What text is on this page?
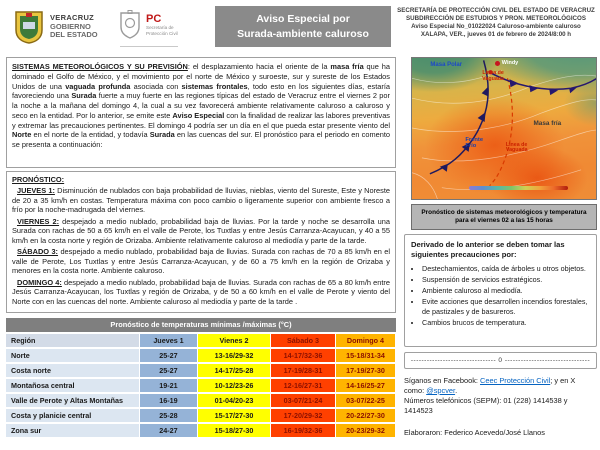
VERACRUZ
GOBIERNO
DEL ESTADO
PC
Secretaría de
Protección Civil
Aviso Especial por
Surada-ambiente caluroso
SECRETARÍA DE PROTECCIÓN CIVIL DEL ESTADO DE VERACRUZ
SUBDIRECCIÓN DE ESTUDIOS Y PRON. METEOROLÓGICOS
Aviso Especial No_01022024 Caluroso-ambiente caluroso
XALAPA, VER., jueves 01 de febrero de 2024/8:00 h
SISTEMAS METEOROLÓGICOS Y SU PREVISIÓN: el desplazamiento hacia el oriente de la masa fría que ha dominado el Golfo de México, y el movimiento por el norte de México y suroeste, sur y sureste de los Estados Unidos de una vaguada profunda asociada con sistemas frontales, todo esto en los siguientes días, estaría favoreciendo una Surada fuerte a muy fuerte en las regiones típicas del estado de Veracruz entre el viernes 2 por la noche a la mañana del domingo 4, la cual a su vez favorecerá ambiente relativamente caluroso a caluroso y seco en la entidad. Por lo anterior, se emite este Aviso Especial con la finalidad de realizar las labores preventivas y extremar las precauciones pertinentes. El domingo 4 podría ser un día en el que pueda estar presente viento del Norte en el norte de la entidad, y todavía Surada en las cuencas del sur. El pronóstico para el periodo en comento se presenta a continuación:
PRONÓSTICO:

JUEVES 1: Disminución de nublados con baja probabilidad de lluvias, nieblas, viento del Sureste, Este y Noreste de 20 a 35 km/h en costas. Temperatura máxima con poco cambio o ligeramente superior con ambiente fresco a frío por la noche-madrugada del viernes.

VIERNES 2: despejado a medio nublado, probabilidad baja de lluvias. Por la tarde y noche se desarrolla una Surada con rachas de 50 a 65 km/h en el valle de Perote, los Tuxtlas y entre Jesús Carranza-Acayucan, y 40 a 55 km/h en la costa norte y región de Orizaba. Ambiente relativamente caluroso al mediodía y parte de la tarde.

SÁBADO 3: despejado a medio nublado, probabilidad baja de lluvias. Surada con rachas de 70 a 85 km/h en el valle de Perote, Los Tuxtlas y entre Jesús Carranza-Acayucan, y de 60 a 75 km/h en la región de Orizaba y menores en la costa norte. Ambiente caluroso.

DOMINGO 4: despejado a medio nublado, probabilidad baja de lluvias. Surada con rachas de 65 a 80 km/h entre Jesús Carranza-Acayucan, los Tuxtlas y región de Orizaba, y de 50 a 60 km/h en el valle de Perote y viento del Norte con en las cuencas del norte. Ambiente caluroso al mediodía y parte de la tarde .

Pronóstico de temperaturas mínimas /máximas (°C)
Región	Jueves 1	Vienes 2	Sábado 3	Domingo 4
Norte	25-27	13-16/29-32	14-17/32-36	15-18/31-34
Costa norte	25-27	14-17/25-28	17-19/28-31	17-19/27-30
Montañosa central	19-21	10-12/23-26	12-16/27-31	14-16/25-27
Valle de Perote y Altas Montañas	16-19	01-04/20-23	03-07/21-24	03-07/22-25
Costa y planicie central	25-28	15-17/27-30	17-20/29-32	20-22/27-30
Zona sur	24-27	15-18/27-30	16-19/32-36	20-23/29-32
Windy
Masa Polar
Linea de Vaguada
Frente Frío
Masa fría
Linea de Vaguada
Pronóstico de sistemas meteorológicos y temperatura para el viernes 02 a las 15 horas
Derivado de lo anterior se deben tomar las siguientes precauciones por:
• Destechamientos, caída de árboles u otros objetos.
• Suspensión de servicios estratégicos.
• Ambiente caluroso al mediodía.
• Evite acciones que desarrollen incendios forestales, de pastizales y de basureros.
• Cambios brucos de temperatura.
-------------------------------- 0 --------------------------------
Síganos en Facebook: Ceec Protección Civil; y en X como: @spcver.
Números telefónicos (SEPM): 01 (228) 1414538 y 1414523
Elaboraron: Federico Acevedo/José Llanos
